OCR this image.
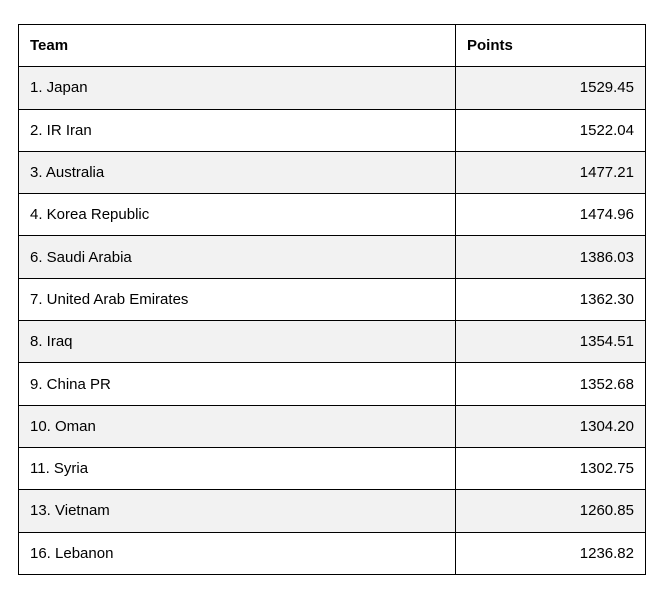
Team	Points
1. Japan	1529.45
2. IR Iran	1522.04
3. Australia	1477.21
4. Korea Republic	1474.96
6. Saudi Arabia	1386.03
7. United Arab Emirates	1362.30
8. Iraq	1354.51
9. China PR	1352.68
10. Oman	1304.20
11. Syria	1302.75
13. Vietnam	1260.85
16. Lebanon	1236.82
